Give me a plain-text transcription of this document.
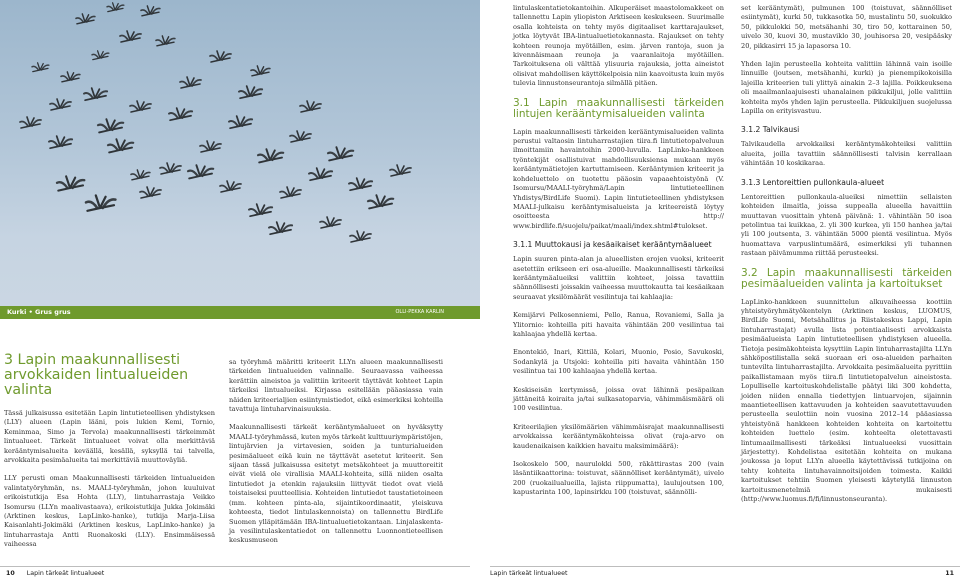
Kurki • Grus grus	OLLI-PEKKA KARLIN
3 Lapin maakunnallisesti arvokkaiden lintualueiden valinta

Tässä julkaisussa esitetään Lapin lintutieteellisen yhdistyksen (LLY) alueen (Lapin lääni, pois lukien Kemi, Tornio, Keminmaa, Simo ja Tervola) maakunnallisesti tärkeimmät lintualueet. Tärkeät lintualueet voivat olla merkittäviä kerääntymisalueita keväällä, kesällä, syksyllä tai talvella, arvokkaita pesimäalueita tai merkittäviä muuttoväyliä.

LLY perusti oman Maakunnallisesti tärkeiden lintualueiden valintatyöryhmän, ns. MAALI-työryhmän, johon kuuluivat erikoistutkija Esa Hohta (LLY), lintuharrastaja Veikko Isomursu (LLYn maalivastaava), erikoistutkija Jukka Jokimäki (Arktinen keskus, LapLinko-hanke), tutkija Marja-Liisa Kaisanlahti-Jokimäki (Arktinen keskus, LapLinko-hanke) ja lintuharrastaja Antti Ruonakoski (LLY). Ensimmäisessä vaiheessa

sa työryhmä määritti kriteerit LLYn alueen maakunnallisesti tärkeiden lintualueiden valinnalle. Seuraavassa vaiheessa kerättiin aineistoa ja valittiin kriteerit täyttävät kohteet Lapin tärkeiksi lintualueiksi. Kirjassa esitellään pääasiassa vain näiden kriteerialjien esiintymistiedot, eikä esimerkiksi kohteilla tavattuja lintuharvinaisuuksia.

Maakunnallisesti tärkeät kerääntymäalueet on hyväksytty MAALI-työryhmässä, kuten myös tärkeät kulttuuriympäristöjen, lintujärvien ja virtavesien, soiden ja tunturialueiden pesimäalueet eikä kuin ne täyttävät asetetut kriteerit. Sen sijaan tässä julkaisussa esitetyt metsäkohteet ja muuttoreitit eivät vielä ole virallisia MAALI-kohteita, sillä niiden osalta lintutiedot ja etenkin rajauksiin liittyvät tiedot ovat vielä toistaiseksi puutteellisia. Kohteiden lintutiedot taustatietoineen (mm. kohteen pinta-ala, sijaintikoordinaatit, yleiskuva kohteesta, tiedot lintulaskennoista) on tallennettu BirdLife Suomen ylläpitämään IBA-lintualuetietokantaan. Linjalaskenta- ja vesilintulaskentatiedot on tallennettu Luonnontieteellisen keskusmuseon

10 Lapin tärkeät lintualueet

lintulaskentatietokantoihin. Alkuperäiset maastolomakkeet on tallennettu Lapin yliopiston Arktiseen keskukseen. Suurimalle osalla kohteista on tehty myös digitaaliset karttarajaukset, jotka löytyvät IBA-lintualuetietokannasta. Rajaukset on tehty kohteen reunoja myötäillen, esim. järven rantoja, suon ja kivennäismaan reunoja ja vaaranlaitoja myötäillen. Tarkoituksena oli välttää ylisuuria rajauksia, jotta aineistot olisivat mahdollisen käyttökelpoisia niin kaavoitusta kuin myös tulevia linnustonseurantoja silmällä pitäen.

3.1 Lapin maakunnallisesti tärkeiden lintujen kerääntymisalueiden valinta

Lapin maakunnallisesti tärkeiden kerääntymisalueiden valinta perustui valtaosin lintuharrastajien tiira.fi lintutietopalveluun ilmoittamiin havaintoihin 2000-luvulla. LapLinko-hankkeen työntekijät osallistuivat mahdollisuuksiensa mukaan myös kerääntymätietojen kartuttamiseen. Kerääntymien kriteerit ja kohdeluettelo on tuotettu pääosin vapaaehtoistyönä (V. Isomursu/MAALI-työryhmä/Lapin lintutieteellinen Yhdistys/BirdLife Suomi). Lapin lintutieteellinen yhdistyksen MAALI-julkaisu kerääntymisalueista ja kriteereistä löytyy osoitteesta http:// www.birdlife.fi/suojelu/paikat/maali/index.shtml#tulokset.

3.1.1 Muuttokausi ja kesäaikaiset kerääntymäalueet

Lapin suuren pinta-alan ja alueellisten erojen vuoksi, kriteerit asetettiin erikseen eri osa-alueille. Maakunnallisesti tärkeiksi kerääntymäalueiksi valittiin kohteet, joissa tavattiin säännöllisesti joissakin vaiheessa muuttokautta tai kesäaikaan seuraavat yksilömäärät vesilintuja tai kahlaajia:

Kemijärvi Pelkosenniemi, Pello, Ranua, Rovaniemi, Salla ja Ylitornio: kohteilla piti havaita vähintään 200 vesilintua tai kahlaajaa yhdellä kertaa.

Enontekiö, Inari, Kittilä, Kolari, Muonio, Posio, Savukoski, Sodankylä ja Utsjoki: kohteilla piti havaita vähintään 150 vesilintua tai 100 kahlaajaa yhdellä kertaa.

Keskiseisän kertymissä, joissa ovat lähinnä pesäpaikan jättäneitä koiraita ja/tai sulkasatoparvia, vähimmäismäärä oli 100 vesilintua.

Kriteerilajien yksilömäärien vähimmäisrajat maakunnallisesti arvokkaissa kerääntymäkohteissa olivat (raja-arvo on kaudenaikaisen kaikkien havaitu maksimimäärä):

Isokoskelo 500, naurulokki 500, räkättirastas 200 (vain läsäntiikaattorina: toistuvat, säännölliset kerääntymät), uivelo 200 (ruokailualueilla, lajista riippumatta), laulujoutsen 100, kapustarinta 100, lapinsirkku 100 (toistuvat, säännölli-

set kerääntymät), pulmunen 100 (toistuvat, säännölliset esiintymät), kurki 50, tukkasotka 50, mustalintu 50, suokukko 50, pikkulokki 50, metsähanhi 30, tiro 50, kottarainen 50, uivelo 30, kuovi 30, mustaviklo 30, jouhisorsa 20, vesipääsky 20, pikkasirri 15 ja lapasorsa 10.

Yhden lajin perusteella kohteita valittiin lähinnä vain isoille linnuille (joutsen, metsähanhi, kurki) ja pienempikokoisilla lajeilla kriteerien tuli ylittyä ainakin 2–3 lajilla. Poikkeuksena oli maailmanlaajuisesti uhanalainen pikkukiljui, jolle valittiin kohteita myös yhden lajin perusteella. Pikkukiljuen suojelussa Lapilla on erityisvastuu.

3.1.2 Talvikausi

Talvikaudella arvokkaiksi kerääntymäkohteiksi valittiin alueita, joilla tavattiin säännöllisesti talvisin kerrallaan vähintään 10 koskikaraa.

3.1.3 Lentoreittien pullonkaula-alueet

Lentoreittien pullonkaula-alueiksi nimettiin sellaisten kohteiden ilmaitla, joissa suppealla alueella havaittiin muuttavan vuosittain yhtenä päivänä: 1. vähintään 50 isoa petolintua tai kuikkaa, 2. yli 300 kurkea, yli 150 hanhea ja/tai yli 100 joutsenta, 3. vähintään 5000 pientä vesilintua. Myös huomattava varpuslintumäärä, esimerkiksi yli tuhannen rastaan päivämumma riittää perusteeksi.

3.2 Lapin maakunnallisesti tärkeiden pesimäalueiden valinta ja kartoitukset

LapLinko-hankkeen suunnittelun alkuvaiheessa koottiin yhteistyöryhmätyökentelyn (Arktinen keskus, LUOMUS, BirdLife Suomi, Metsähallitus ja Riistakeskus Lappi, Lapin lintuharrastajat) avulla lista potentiaalisesti arvokkaista pesimäalueista Lapin lintutieteellisen yhdistyksen alueella. Tietoja pesimäkohteista kysyttiin Lapin lintuharrastajilta LLYn sähköpostilistalla sekä suoraan eri osa-alueiden parhaiten tuntevilta lintuharrastajilta. Arvokkaita pesimäalueita pyrittiin paikallistamaan myös tiira.fi lintutietopalvelun aineistosta. Lopulliselle kartoituskohdelistalle päätyi liki 300 kohdetta, joiden niiden ennalla tiedettyjen lintuarvojen, sijainnin maantieteellisen kattavuuden ja kohteiden saavutettavuuden perusteella seulottiin noin vuosina 2012–14 pääasiassa yhteistyönä hankkeen kohteiden kohteita on kartoitettu kohteiden luettelo (esim. kohteelta oletettavasti lintumaailmallisesti tärkeäksi lintualueeksi vuosittain järjestetty). Kohdelistaa esitetään kohteita on mukana joukossa ja loput LLYn alueella käytettävissä tutkijoina on tehty kohteita lintuhavainnoitsijoiden toimesta. Kaikki kartoitukset tehtiin Suomen yleisesti käytetyllä linnuston kartoitusmenetelmiä mukaisesti (http://www.luomus.fi/fi/linnustonseuranta).

Lapin tärkeät lintualueet	11
